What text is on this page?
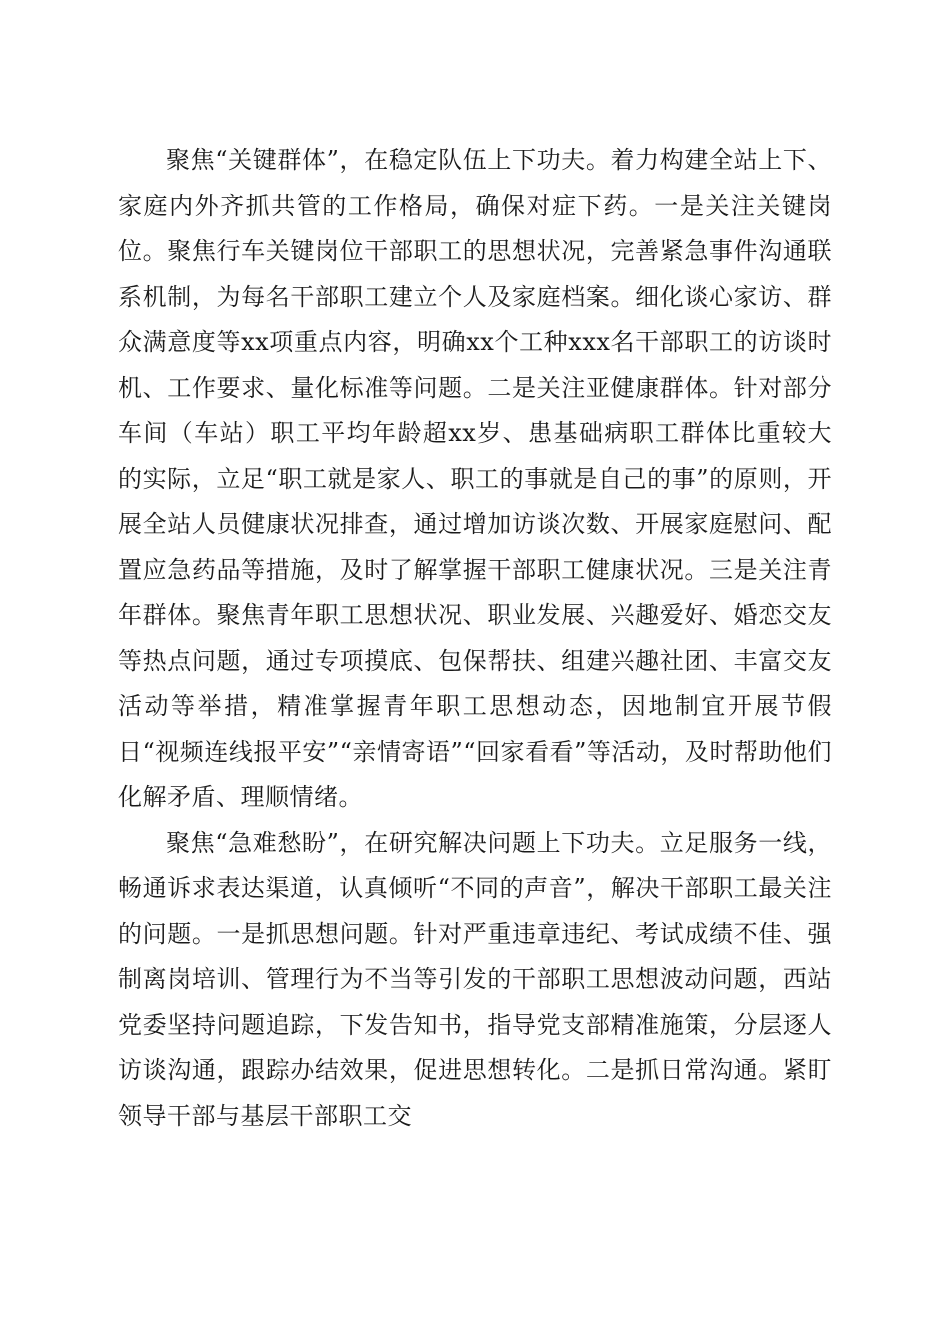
聚焦“关键群体”，在稳定队伍上下功夫。着力构建全站上下、家庭内外齐抓共管的工作格局，确保对症下药。一是关注关键岗位。聚焦行车关键岗位干部职工的思想状况，完善紧急事件沟通联系机制，为每名干部职工建立个人及家庭档案。细化谈心家访、群众满意度等xx项重点内容，明确xx个工种xxx名干部职工的访谈时机、工作要求、量化标准等问题。二是关注亚健康群体。针对部分车间（车站）职工平均年龄超xx岁、患基础病职工群体比重较大的实际，立足“职工就是家人、职工的事就是自己的事”的原则，开展全站人员健康状况排查，通过增加访谈次数、开展家庭慰问、配置应急药品等措施，及时了解掌握干部职工健康状况。三是关注青年群体。聚焦青年职工思想状况、职业发展、兴趣爱好、婚恋交友等热点问题，通过专项摸底、包保帮扶、组建兴趣社团、丰富交友活动等举措，精准掌握青年职工思想动态，因地制宜开展节假日“视频连线报平安”“亲情寄语”“回家看看”等活动，及时帮助他们化解矛盾、理顺情绪。

聚焦“急难愁盼”，在研究解决问题上下功夫。立足服务一线，畅通诉求表达渠道，认真倾听“不同的声音”，解决干部职工最关注的问题。一是抓思想问题。针对严重违章违纪、考试成绩不佳、强制离岗培训、管理行为不当等引发的干部职工思想波动问题，西站党委坚持问题追踪，下发告知书，指导党支部精准施策，分层逐人访谈沟通，跟踪办结效果，促进思想转化。二是抓日常沟通。紧盯领导干部与基层干部职工交
